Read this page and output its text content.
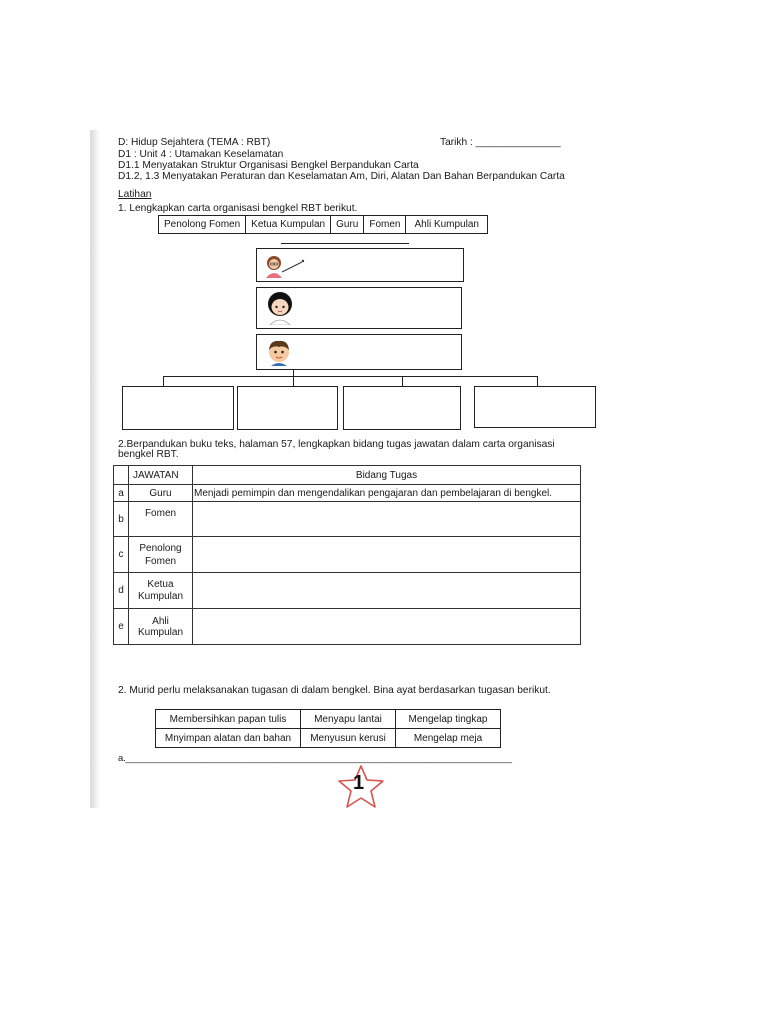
D: Hidup Sejahtera (TEMA : RBT)	Tarikh : _______________
D1 : Unit 4 : Utamakan Keselamatan
D1.1 Menyatakan Struktur Organisasi Bengkel Berpandukan Carta
D1.2, 1.3 Menyatakan Peraturan dan Keselamatan Am, Diri, Alatan Dan Bahan Berpandukan Carta
Latihan
1. Lengkapkan carta organisasi bengkel RBT berikut.
Penolong Fomen	Ketua Kumpulan	Guru	Fomen	Ahli Kumpulan
2.Berpandukan buku teks, halaman 57, lengkapkan bidang tugas jawatan dalam carta organisasi
bengkel RBT.
	JAWATAN	Bidang Tugas
a	Guru	Menjadi pemimpin dan mengendalikan pengajaran dan pembelajaran di bengkel.
b	Fomen	
c	Penolong Fomen	
d	Ketua Kumpulan	
e	Ahli Kumpulan	
2. Murid perlu melaksanakan tugasan di dalam bengkel. Bina ayat berdasarkan tugasan berikut.
Membersihkan papan tulis	Menyapu lantai	Mengelap tingkap
Mnyimpan alatan dan bahan	Menyusun kerusi	Mengelap meja
a.____________________________________________________________________________
1
